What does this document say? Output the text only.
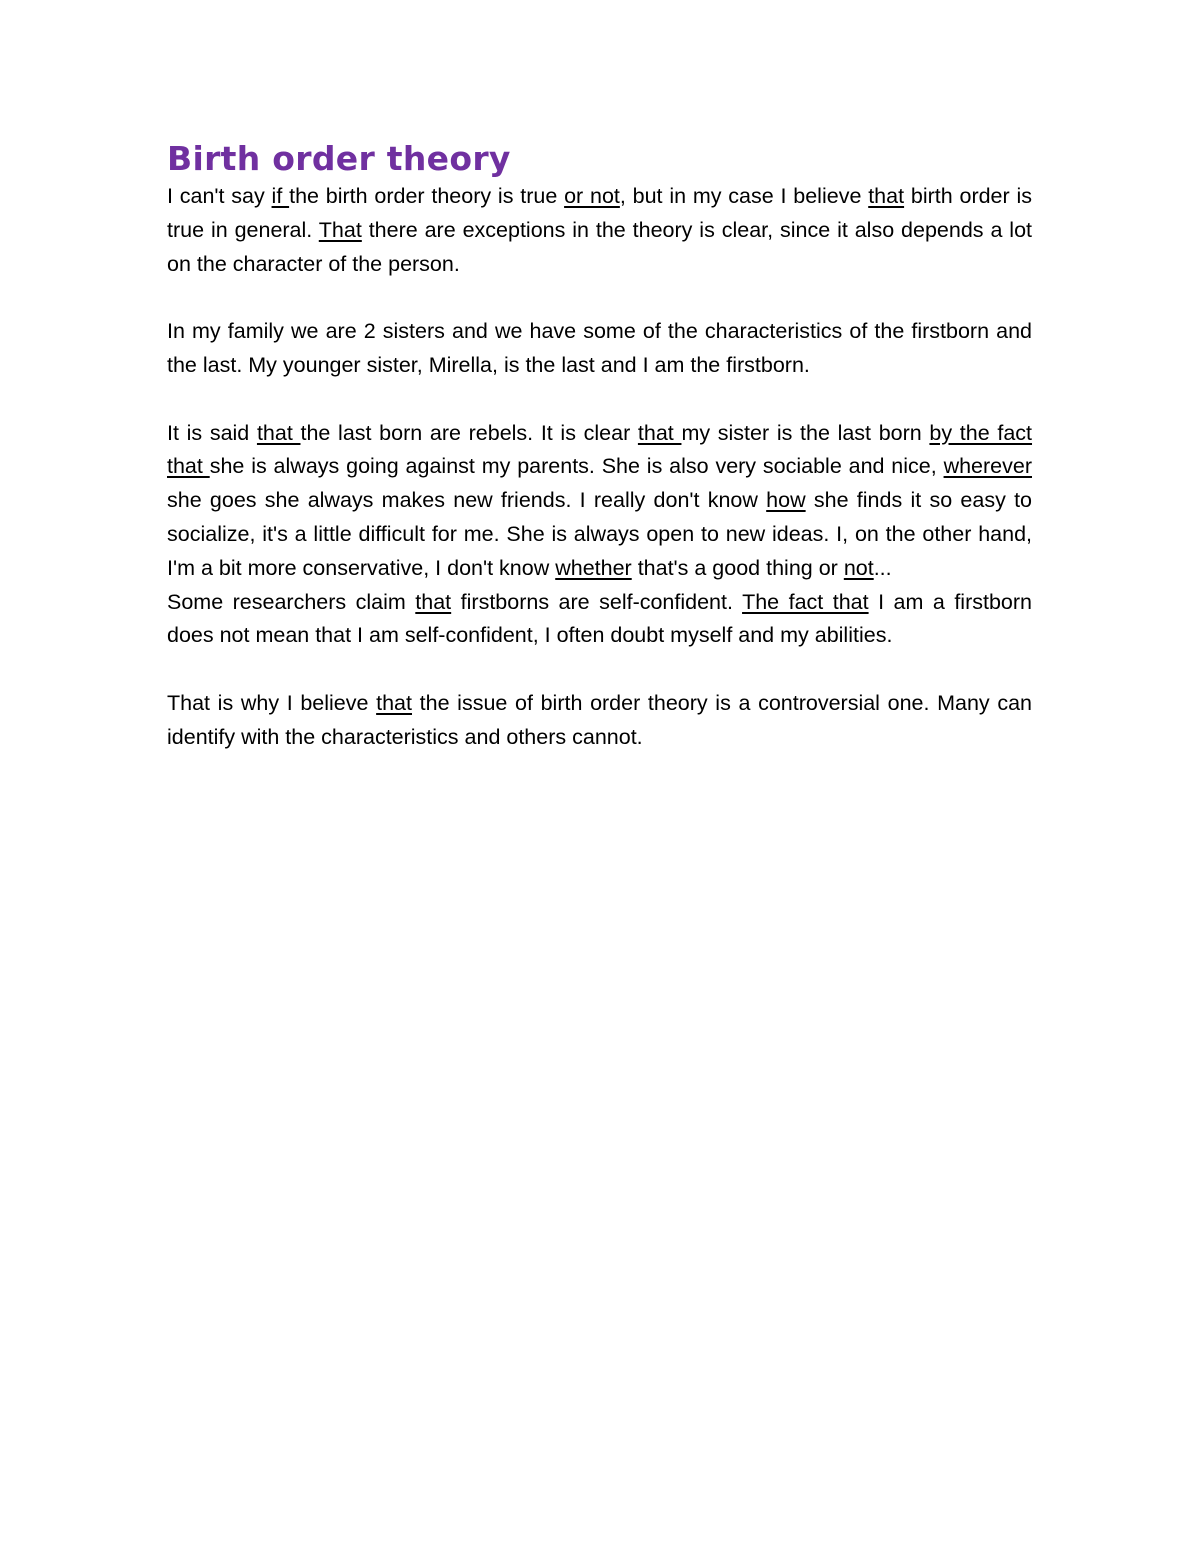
Birth order theory

I can't say if the birth order theory is true or not, but in my case I believe that birth order is true in general. That there are exceptions in the theory is clear, since it also depends a lot on the character of the person.

In my family we are 2 sisters and we have some of the characteristics of the firstborn and the last. My younger sister, Mirella, is the last and I am the firstborn.

It is said that the last born are rebels. It is clear that my sister is the last born by the fact that she is always going against my parents. She is also very sociable and nice, wherever she goes she always makes new friends. I really don't know how she finds it so easy to socialize, it's a little difficult for me. She is always open to new ideas. I, on the other hand, I'm a bit more conservative, I don't know whether that's a good thing or not...

Some researchers claim that firstborns are self-confident. The fact that I am a firstborn does not mean that I am self-confident, I often doubt myself and my abilities.

That is why I believe that the issue of birth order theory is a controversial one. Many can identify with the characteristics and others cannot.
